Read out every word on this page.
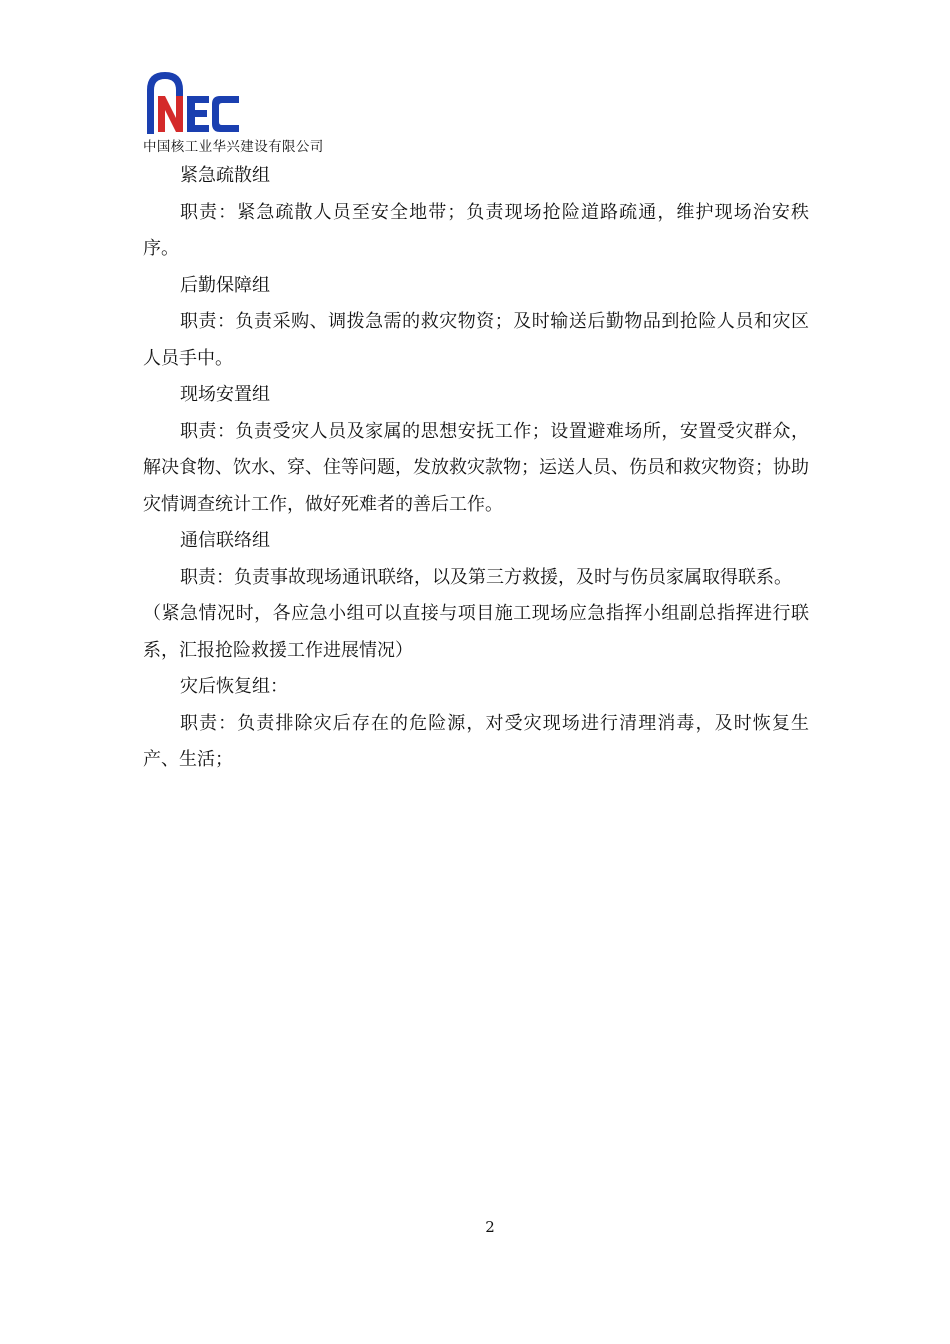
中国核工业华兴建设有限公司

紧急疏散组

职责：紧急疏散人员至安全地带；负责现场抢险道路疏通，维护现场治安秩序。

后勤保障组

职责：负责采购、调拨急需的救灾物资；及时输送后勤物品到抢险人员和灾区人员手中。

现场安置组

职责：负责受灾人员及家属的思想安抚工作；设置避难场所，安置受灾群众，解决食物、饮水、穿、住等问题，发放救灾款物；运送人员、伤员和救灾物资；协助灾情调查统计工作，做好死难者的善后工作。

通信联络组

职责：负责事故现场通讯联络，以及第三方救援，及时与伤员家属取得联系。

（紧急情况时，各应急小组可以直接与项目施工现场应急指挥小组副总指挥进行联系，汇报抢险救援工作进展情况）

灾后恢复组：

职责：负责排除灾后存在的危险源，对受灾现场进行清理消毒，及时恢复生产、生活；

2
